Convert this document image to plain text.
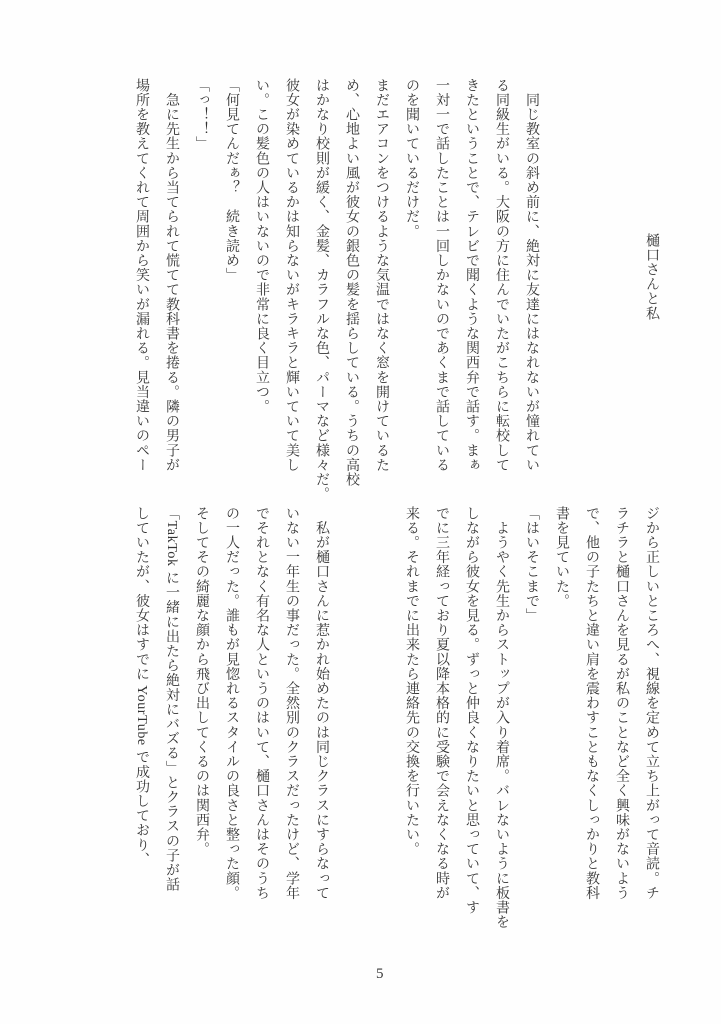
樋口さんと私
　同じ教室の斜め前に、絶対に友達にはなれないが憧れてい
る同級生がいる。大阪の方に住んでいたがこちらに転校して
きたということで、テレビで聞くような関西弁で話す。まぁ
一対一で話したことは一回しかないのであくまで話している
のを聞いているだけだ。
まだエアコンをつけるような気温ではなく窓を開けているた
め、心地よい風が彼女の銀色の髪を揺らしている。うちの高校
はかなり校則が緩く、金髪、カラフルな色、パーマなど様々だ。
彼女が染めているかは知らないがキラキラと輝いていて美し
い。この髪色の人はいないので非常に良く目立つ。
「何見てんだぁ？　続き読め」
「っ！！」
　急に先生から当てられて慌てて教科書を捲る。隣の男子が
場所を教えてくれて周囲から笑いが漏れる。見当違いのペー
ジから正しいところへ、視線を定めて立ち上がって音読。チ
ラチラと樋口さんを見るが私のことなど全く興味がないよう
で、他の子たちと違い肩を震わすこともなくしっかりと教科
書を見ていた。
「はいそこまで」
　ようやく先生からストップが入り着席。バレないように板書を
しながら彼女を見る。ずっと仲良くなりたいと思っていて、す
でに三年経っており夏以降本格的に受験で会えなくなる時が
来る。それまでに出来たら連絡先の交換を行いたい。
　私が樋口さんに惹かれ始めたのは同じクラスにすらなって
いない一年生の事だった。全然別のクラスだったけど、学年
でそれとなく有名な人というのはいて、樋口さんはそのうち
の一人だった。誰もが見惚れるスタイルの良さと整った顔。
そしてその綺麗な顔から飛び出してくるのは関西弁。
「TakTok に一緒に出たら絶対にバズる」とクラスの子が話
していたが、彼女はすでに YourTube で成功しており、
5
